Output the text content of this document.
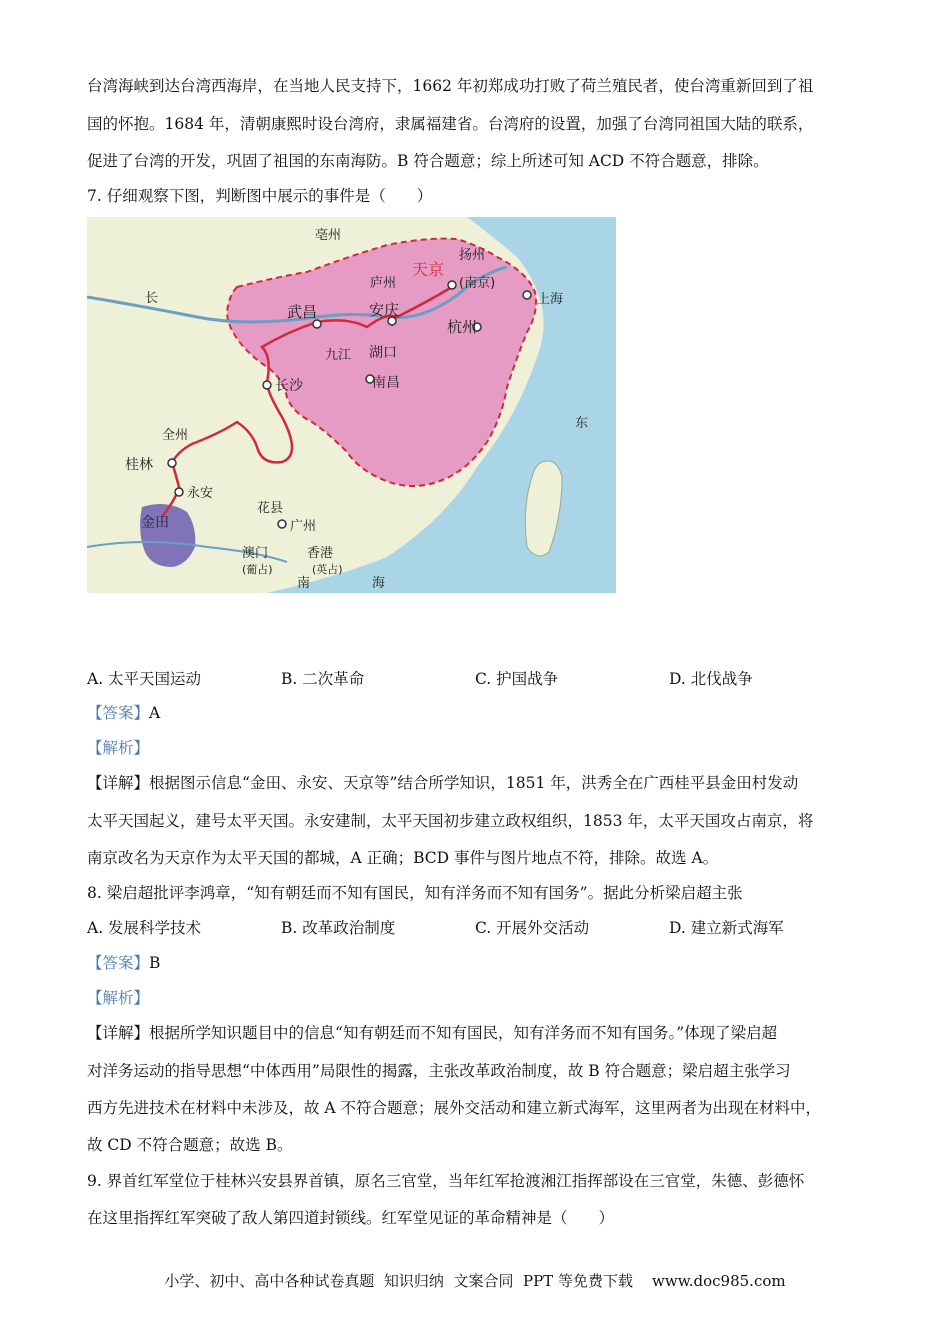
台湾海峡到达台湾西海岸，在当地人民支持下，1662 年初郑成功打败了荷兰殖民者，使台湾重新回到了祖
国的怀抱。1684 年，清朝康熙时设台湾府，隶属福建省。台湾府的设置，加强了台湾同祖国大陆的联系，
促进了台湾的开发，巩固了祖国的东南海防。B 符合题意；综上所述可知 ACD 不符合题意，排除。
7. 仔细观察下图，判断图中展示的事件是（　　）
亳州
扬州
天京
(南京)
庐州
上海
武昌	安庆
杭州
九江 湖口
南昌
长沙
全州
桂林
永安
金田
花县
广州
澳门	香港
(葡占)	(英占)
南	海
东
长
A. 太平天国运动	B. 二次革命	C. 护国战争	D. 北伐战争
【答案】A
【解析】
【详解】根据图示信息“金田、永安、天京等”结合所学知识，1851 年，洪秀全在广西桂平县金田村发动
太平天国起义，建号太平天国。永安建制，太平天国初步建立政权组织，1853 年，太平天国攻占南京，将
南京改名为天京作为太平天国的都城，A 正确；BCD 事件与图片地点不符，排除。故选 A。
8. 梁启超批评李鸿章，“知有朝廷而不知有国民，知有洋务而不知有国务”。据此分析梁启超主张
A. 发展科学技术	B. 改革政治制度	C. 开展外交活动	D. 建立新式海军
【答案】B
【解析】
【详解】根据所学知识题目中的信息“知有朝廷而不知有国民，知有洋务而不知有国务。”体现了梁启超
对洋务运动的指导思想“中体西用”局限性的揭露，主张改革政治制度，故 B 符合题意；梁启超主张学习
西方先进技术在材料中未涉及，故 A 不符合题意；展外交活动和建立新式海军，这里两者为出现在材料中，
故 CD 不符合题意；故选 B。
9. 界首红军堂位于桂林兴安县界首镇，原名三官堂，当年红军抢渡湘江指挥部设在三官堂，朱德、彭德怀
在这里指挥红军突破了敌人第四道封锁线。红军堂见证的革命精神是（　　）
小学、初中、高中各种试卷真题  知识归纳  文案合同  PPT 等免费下载    www.doc985.com
